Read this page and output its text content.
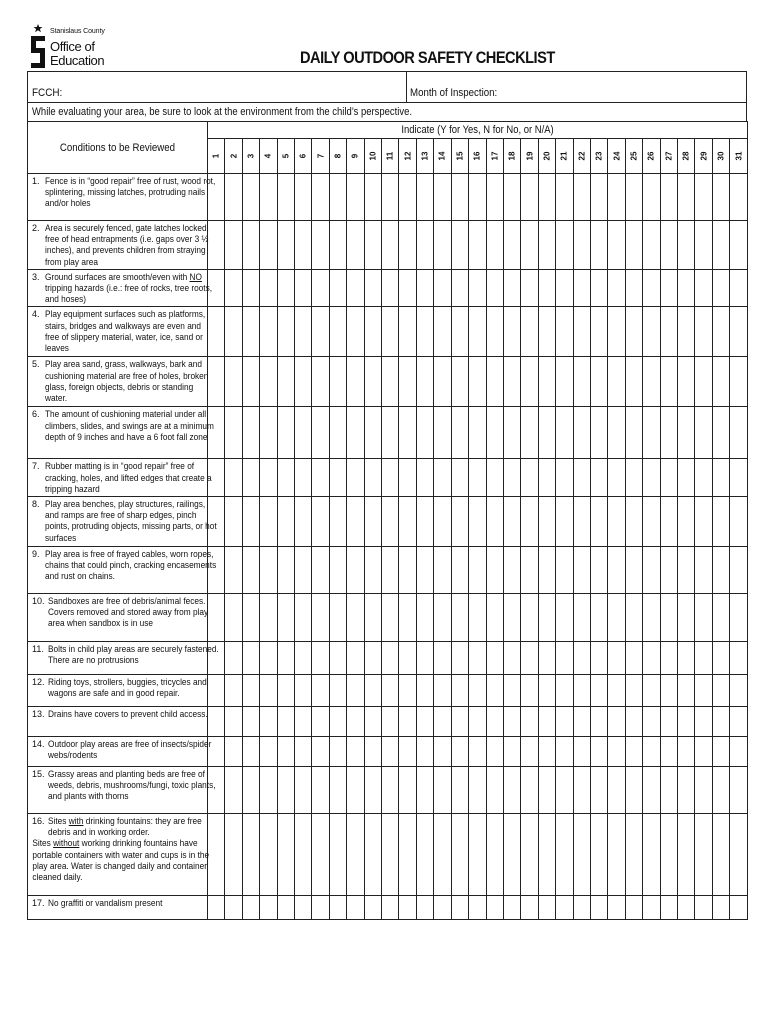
Stanislaus County
Office of
Education	DAILY OUTDOOR SAFETY CHECKLIST
FCCH:	Month of Inspection:
While evaluating your area, be sure to look at the environment from the child’s perspective.
Conditions to be Reviewed	Indicate (Y for Yes, N for No, or N/A)																														

	1	2	3	4	5	6	7	8	9	10	11	12	13	14	15	16	17	18	19	20	21	22	23	24	25	26	27	28	29	30	31

1. Fence is in “good repair” free of rust, wood rot, splintering, missing latches, protruding nails and/or holes																															

2. Area is securely fenced, gate latches locked, free of head entrapments (i.e. gaps over 3 ½ inches), and prevents children from straying from play area																															

3. Ground surfaces are smooth/even with NO tripping hazards (i.e.: free of rocks, tree roots, and hoses)																															

4. Play equipment surfaces such as platforms, stairs, bridges and walkways are even and free of slippery material, water, ice, sand or leaves																															

5. Play area sand, grass, walkways, bark and cushioning material are free of holes, broken glass, foreign objects, debris or standing water.																															

6. The amount of cushioning material under all climbers, slides, and swings are at a minimum depth of 9 inches and have a 6 foot fall zone																															

7. Rubber matting is in “good repair” free of cracking, holes, and lifted edges that create a tripping hazard																															

8. Play area benches, play structures, railings, and ramps are free of sharp edges, pinch points, protruding objects, missing parts, or hot surfaces																															

9. Play area is free of frayed cables, worn ropes, chains that could pinch, cracking encasements and rust on chains.																															

10. Sandboxes are free of debris/animal feces. Covers removed and stored away from play area when sandbox is in use																															

11. Bolts in child play areas are securely fastened. There are no protrusions																															

12. Riding toys, strollers, buggies, tricycles and wagons are safe and in good repair.																															

13. Drains have covers to prevent child access.																															

14. Outdoor play areas are free of insects/spider webs/rodents																															

15. Grassy areas and planting beds are free of weeds, debris, mushrooms/fungi, toxic plants, and plants with thorns																															

16. Sites with drinking fountains: they are free debris and in working order.
Sites without working drinking fountains have portable containers with water and cups is in the play area. Water is changed daily and container cleaned daily.																															

17. No graffiti or vandalism present																															
